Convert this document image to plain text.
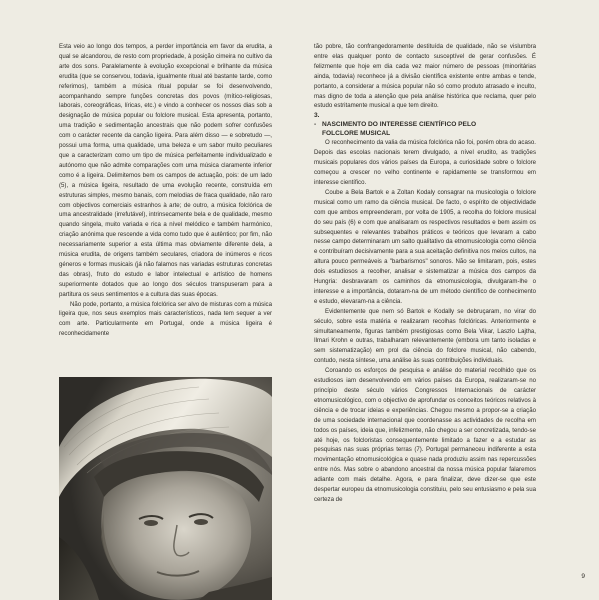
Esta veio ao longo dos tempos, a perder importância em favor da erudita, a qual se alcandorou, de resto com propriedade, à posição cimeira no cultivo da arte dos sons. Paralelamente à evolução excepcional e brilhante da música erudita (que se conservou, todavia, igualmente ritual até bastante tarde, como referimos), também a música ritual popular se foi desenvolvendo, acompanhando sempre funções concretas dos povos (mítico-religiosas, laborais, coreográficas, líricas, etc.) e vindo a conhecer os nossos dias sob a designação de música popular ou folclore musical. Esta apresenta, portanto, uma tradição e sedimentação ancestrais que não podem sofrer confusões com o carácter recente da canção ligeira. Para além disso — e sobretudo —, possui uma forma, uma qualidade, uma beleza e um sabor muito peculiares que a caracterizam como um tipo de música perfeitamente individualizado e autónomo que não admite comparações com uma música claramente inferior como é a ligeira. Delimitemos bem os campos de actuação, pois: de um lado (5), a música ligeira, resultado de uma evolução recente, construída em estruturas simples, mesmo banais, com melodias de fraca qualidade, não raro com objectivos comerciais estranhos à arte; de outro, a música folclórica de uma ancestralidade (irrefutável), intrinsecamente bela e de qualidade, mesmo quando singela, muito variada e rica a nível melódico e também harmónico, criação anónima que rescende a vida como tudo que é autêntico; por fim, não necessariamente superior a esta última mas obviamente diferente dela, a música erudita, de origens também seculares, criadora de inúmeros e ricos géneros e formas musicais (já não falamos nas variadas estruturas concretas das obras), fruto do estudo e labor intelectual e artístico de homens superiormente dotados que ao longo dos séculos transpuseram para a partitura os seus sentimentos e a cultura das suas épocas.

Não pode, portanto, a música folclórica ser alvo de misturas com a música ligeira que, nos seus exemplos mais característicos, nada tem sequer a ver com arte. Particularmente em Portugal, onde a música ligeira é reconhecidamente

tão pobre, tão confrangedoramente destituída de qualidade, não se vislumbra entre elas qualquer ponto de contacto susceptível de gerar confusões. É felizmente que hoje em dia cada vez maior número de pessoas (minoritárias ainda, todavia) reconhece já a divisão científica existente entre ambas e tende, portanto, a considerar a música popular não só como produto atrasado e inculto, mas digno de toda a atenção que pela análise histórica que reclama, quer pelo estudo estritamente musical a que tem direito.

3. - NASCIMENTO DO INTERESSE CIENTÍFICO PELO
FOLCLORE MUSICAL

O reconhecimento da valia da música folclórica não foi, porém obra do acaso. Depois das escolas nacionais terem divulgado, a nível erudito, as tradições musicais populares dos vários países da Europa, a curiosidade sobre o folclore começou a crescer no velho continente e rapidamente se transformou em interesse científico.

Coube a Bela Bartok e a Zoltan Kodaly consagrar na musicologia o folclore musical como um ramo da ciência musical. De facto, o espírito de objectividade com que ambos empreenderam, por volta de 1905, a recolha do folclore musical do seu país (6) e com que analisaram os respectivos resultados e bem assim os subsequentes e relevantes trabalhos práticos e teóricos que levaram a cabo nesse campo determinaram um salto qualitativo da etnomusicologia como ciência e contribuíram decisivamente para a sua aceitação definitiva nos meios cultos, na altura pouco permeáveis a "barbarismos" sonoros. Não se limitaram, pois, estes dois estudiosos a recolher, analisar e sistematizar a música dos campos da Hungria: desbravaram os caminhos da etnomusicologia, divulgaram-lhe o interesse e a importância, dotaram-na de um método científico de conhecimento e estudo, elevaram-na a ciência.

Evidentemente que nem só Bartok e Kodally se debruçaram, no virar do século, sobre esta matéria e realizaram recolhas folclóricas. Anteriormente e simultaneamente, figuras também prestigiosas como Bela Vikar, Laszlo Lajtha, Ilmari Krohn e outras, trabalharam relevantemente (embora um tanto isoladas e sem sistematização) em prol da ciência do folclore musical, não cabendo, contudo, nesta síntese, uma análise às suas contribuições individuais.

Coroando os esforços de pesquisa e análise do material recolhido que os estudiosos iam desenvolvendo em vários países da Europa, realizaram-se no princípio deste século vários Congressos Internacionais de carácter etnomusicológico, com o objectivo de aprofundar os conceitos teóricos relativos à ciência e de trocar ideias e experiências. Chegou mesmo a propor-se a criação de uma sociedade internacional que coordenasse as actividades de recolha em todos os países, ideia que, infelizmente, não chegou a ser concretizada, tendo-se até hoje, os folcloristas consequentemente limitado a fazer e a estudar as pesquisas nas suas próprias terras (7). Portugal permaneceu indiferente a esta movimentação etnomusicológica e quase nada produziu assim nas repercussões entre nós. Mas sobre o abandono ancestral da nossa música popular falaremos adiante com mais detalhe. Agora, e para finalizar, deve dizer-se que este despertar europeu da etnomusicologia constituiu, pelo seu entusiasmo e pela sua certeza de

9
